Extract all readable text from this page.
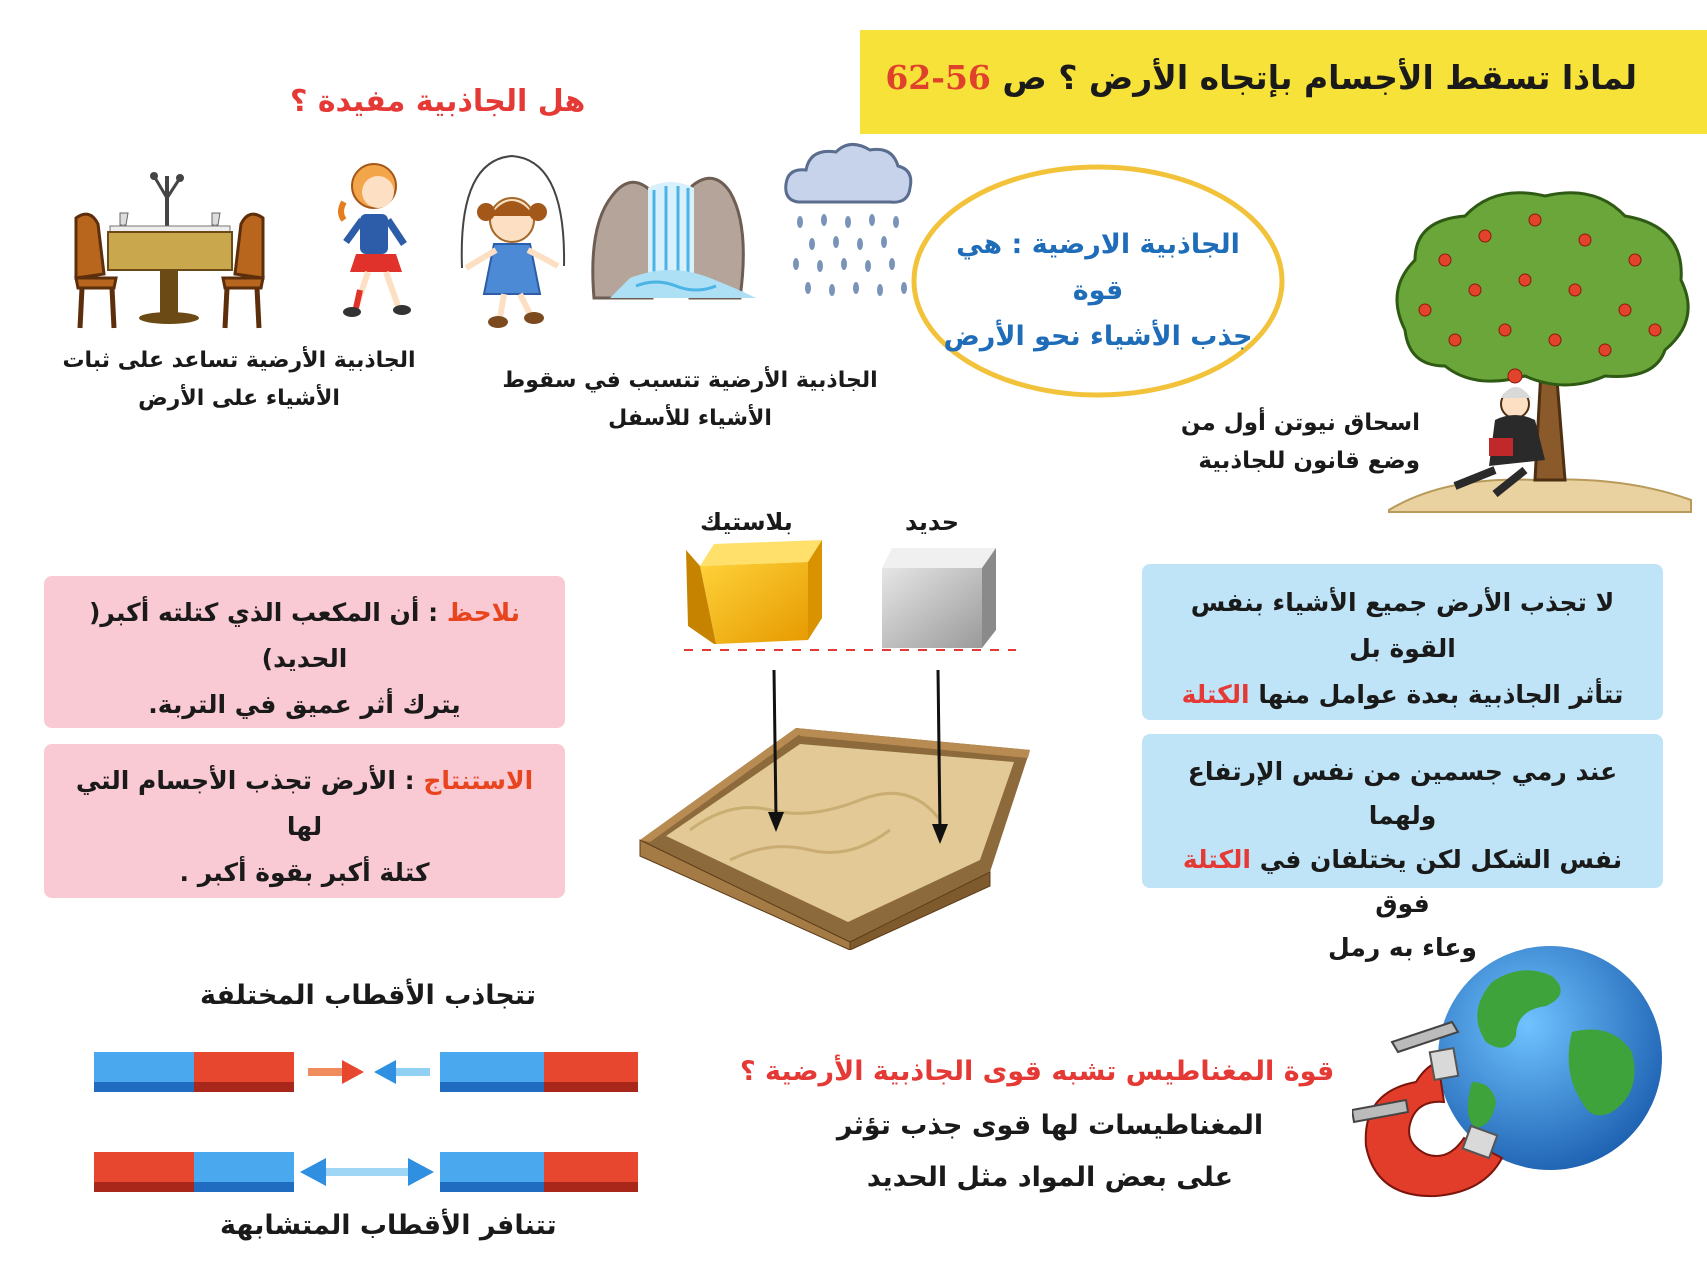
لماذا تسقط الأجسام بإتجاه الأرض ؟ ص 56-62
هل الجاذبية مفيدة ؟
الجاذبية الأرضية تساعد على ثبات
الأشياء على الأرض
الجاذبية الأرضية تتسبب في سقوط
الأشياء للأسفل
الجاذبية الارضية : هي قوة
جذب الأشياء نحو الأرض
اسحاق نيوتن أول من
وضع قانون للجاذبية
بلاستيك	حديد
نلاحظ : أن المكعب الذي كتلته أكبر( الحديد)
يترك أثر عميق في التربة.
الاستنتاج : الأرض تجذب الأجسام التي لها
كتلة أكبر بقوة أكبر .
لا تجذب الأرض جميع الأشياء بنفس القوة بل
تتأثر الجاذبية بعدة عوامل منها الكتلة
عند رمي جسمين من نفس الإرتفاع ولهما
نفس الشكل لكن يختلفان في الكتلة فوق
وعاء به رمل
تتجاذب الأقطاب المختلفة
تتنافر الأقطاب المتشابهة
قوة المغناطيس تشبه قوى الجاذبية الأرضية ؟
المغناطيسات لها قوى جذب تؤثر
على بعض المواد مثل الحديد
